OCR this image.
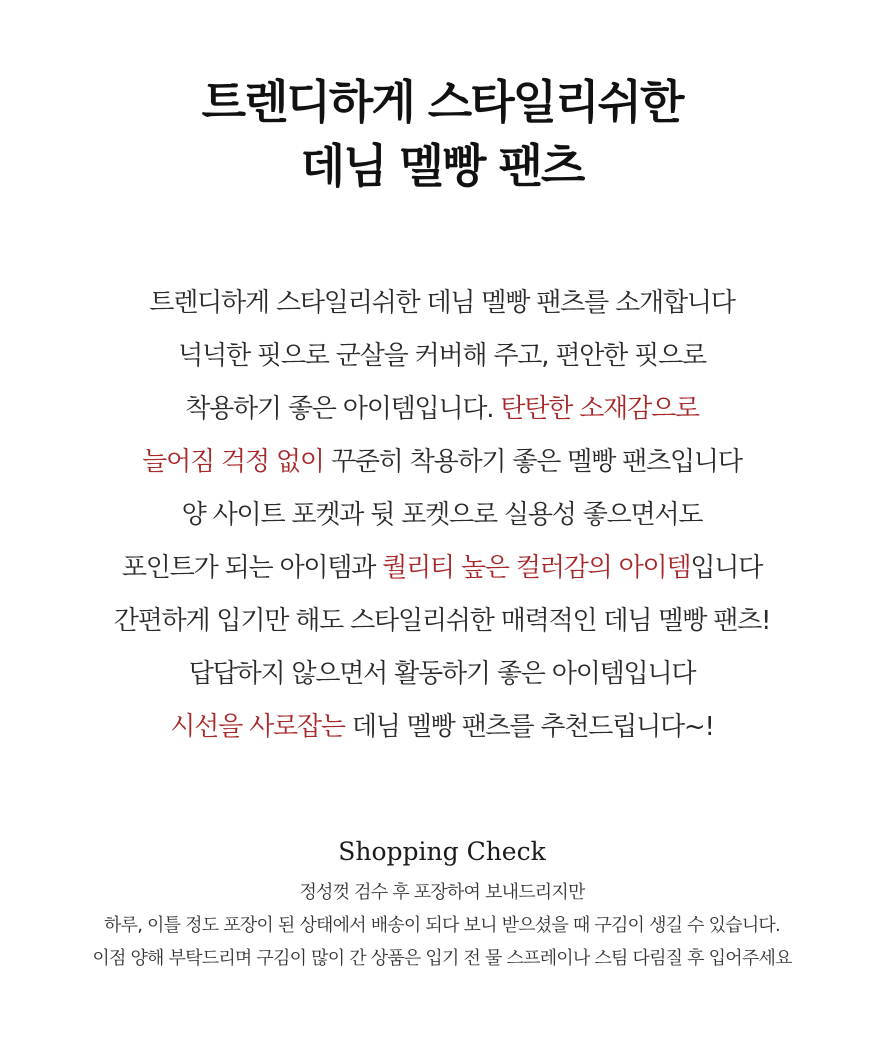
트렌디하게 스타일리쉬한
데님 멜빵 팬츠
트렌디하게 스타일리쉬한 데님 멜빵 팬츠를 소개합니다
넉넉한 핏으로 군살을 커버해 주고, 편안한 핏으로
착용하기 좋은 아이템입니다. 탄탄한 소재감으로
늘어짐 걱정 없이 꾸준히 착용하기 좋은 멜빵 팬츠입니다
양 사이트 포켓과 뒷 포켓으로 실용성 좋으면서도
포인트가 되는 아이템과 퀄리티 높은 컬러감의 아이템입니다
간편하게 입기만 해도 스타일리쉬한 매력적인 데님 멜빵 팬츠!
답답하지 않으면서 활동하기 좋은 아이템입니다
시선을 사로잡는 데님 멜빵 팬츠를 추천드립니다~!
Shopping Check
정성껏 검수 후 포장하여 보내드리지만
하루, 이틀 정도 포장이 된 상태에서 배송이 되다 보니 받으셨을 때 구김이 생길 수 있습니다.
이점 양해 부탁드리며 구김이 많이 간 상품은 입기 전 물 스프레이나 스팀 다림질 후 입어주세요
